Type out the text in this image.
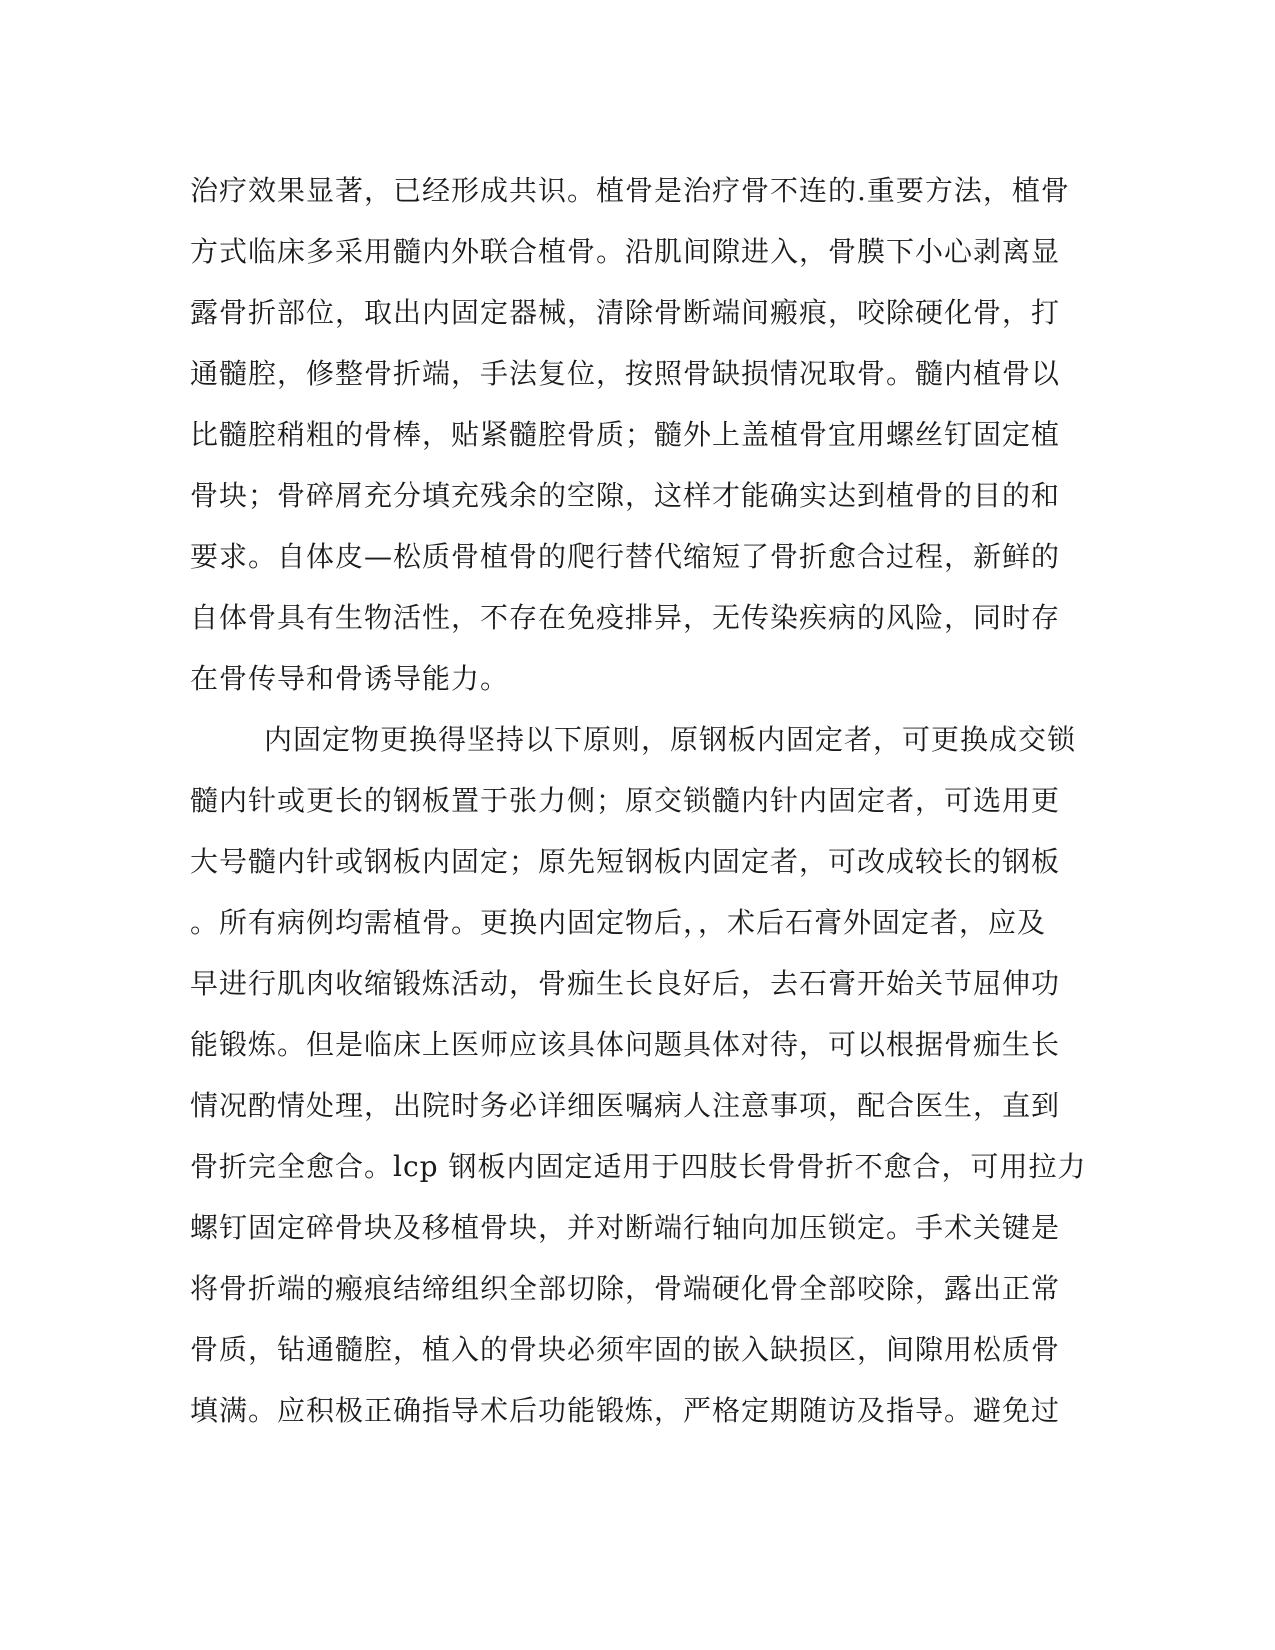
治疗效果显著，已经形成共识。植骨是治疗骨不连的.重要方法，植骨
方式临床多采用髓内外联合植骨。沿肌间隙进入，骨膜下小心剥离显
露骨折部位，取出内固定器械，清除骨断端间瘢痕，咬除硬化骨，打
通髓腔，修整骨折端，手法复位，按照骨缺损情况取骨。髓内植骨以
比髓腔稍粗的骨棒，贴紧髓腔骨质；髓外上盖植骨宜用螺丝钉固定植
骨块；骨碎屑充分填充残余的空隙，这样才能确实达到植骨的目的和
要求。自体皮—松质骨植骨的爬行替代缩短了骨折愈合过程，新鲜的
自体骨具有生物活性，不存在免疫排异，无传染疾病的风险，同时存
在骨传导和骨诱导能力。
内固定物更换得坚持以下原则，原钢板内固定者，可更换成交锁
髓内针或更长的钢板置于张力侧；原交锁髓内针内固定者，可选用更
大号髓内针或钢板内固定；原先短钢板内固定者，可改成较长的钢板
。所有病例均需植骨。更换内固定物后，，术后石膏外固定者，应及
早进行肌肉收缩锻炼活动，骨痂生长良好后，去石膏开始关节屈伸功
能锻炼。但是临床上医师应该具体问题具体对待，可以根据骨痂生长
情况酌情处理，出院时务必详细医嘱病人注意事项，配合医生，直到
骨折完全愈合。lcp 钢板内固定适用于四肢长骨骨折不愈合，可用拉力
螺钉固定碎骨块及移植骨块，并对断端行轴向加压锁定。手术关键是
将骨折端的瘢痕结缔组织全部切除，骨端硬化骨全部咬除，露出正常
骨质，钻通髓腔，植入的骨块必须牢固的嵌入缺损区，间隙用松质骨
填满。应积极正确指导术后功能锻炼，严格定期随访及指导。避免过
